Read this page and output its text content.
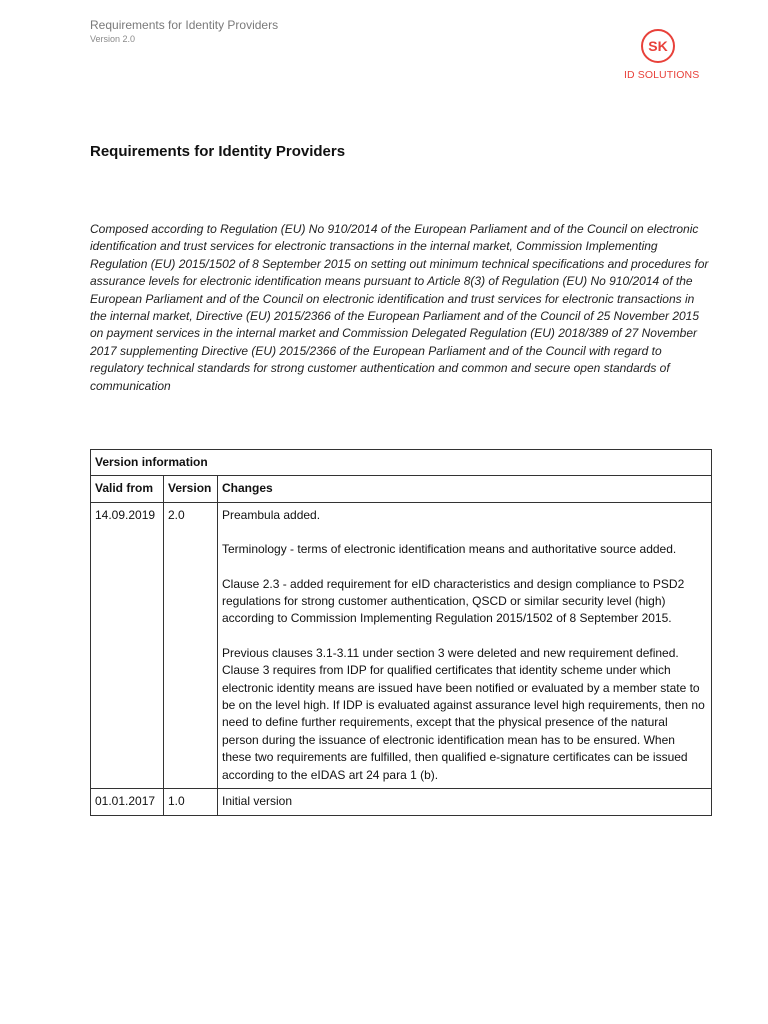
Requirements for Identity Providers
Version 2.0	SK
ID SOLUTIONS
Requirements for Identity Providers

Composed according to Regulation (EU) No 910/2014 of the European Parliament and of the Council on electronic identification and trust services for electronic transactions in the internal market, Commission Implementing Regulation (EU) 2015/1502 of 8 September 2015 on setting out minimum technical specifications and procedures for assurance levels for electronic identification means pursuant to Article 8(3) of Regulation (EU) No 910/2014 of the European Parliament and of the Council on electronic identification and trust services for electronic transactions in the internal market, Directive (EU) 2015/2366 of the European Parliament and of the Council of 25 November 2015 on payment services in the internal market and Commission Delegated Regulation (EU) 2018/389 of 27 November 2017 supplementing Directive (EU) 2015/2366 of the European Parliament and of the Council with regard to regulatory technical standards for strong customer authentication and common and secure open standards of communication

Version information		
Valid from	Version	Changes
14.09.2019	2.0	Preambula added.

Terminology - terms of electronic identification means and authoritative source added.

Clause 2.3 - added requirement for eID characteristics and design compliance to PSD2 regulations for strong customer authentication, QSCD or similar security level (high) according to Commission Implementing Regulation 2015/1502 of 8 September 2015.

Previous clauses 3.1-3.11 under section 3 were deleted and new requirement defined. Clause 3 requires from IDP for qualified certificates that identity scheme under which electronic identity means are issued have been notified or evaluated by a member state to be on the level high. If IDP is evaluated against assurance level high requirements, then no need to define further requirements, except that the physical presence of the natural person during the issuance of electronic identification mean has to be ensured. When these two requirements are fulfilled, then qualified e-signature certificates can be issued according to the eIDAS art 24 para 1 (b).

01.01.2017	1.0	Initial version
